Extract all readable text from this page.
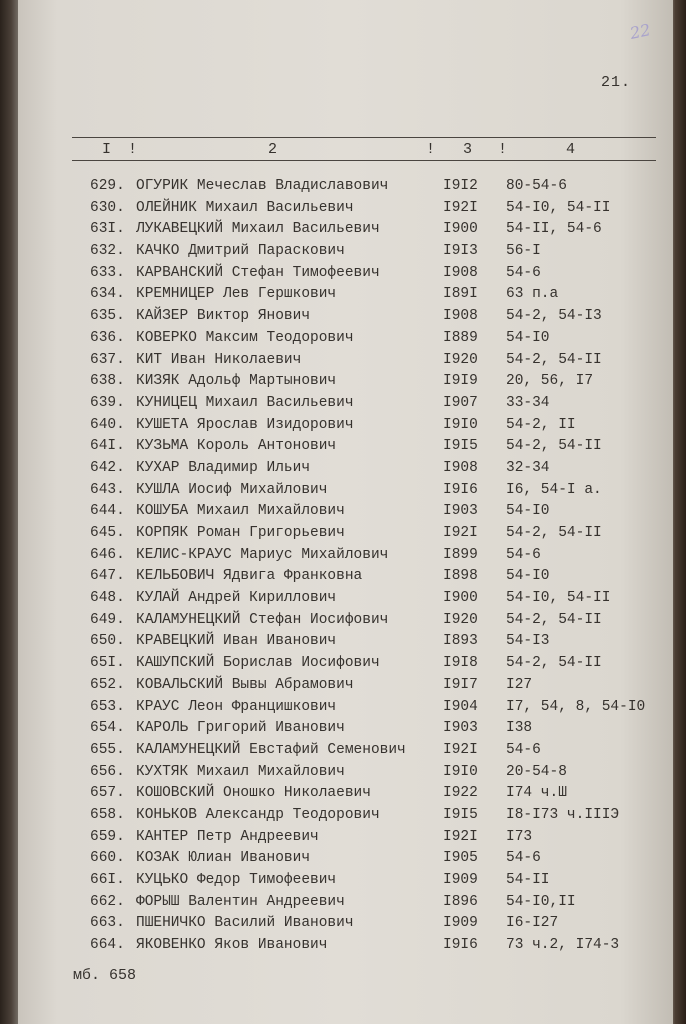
22
21.
I !	2	! 3 !	4
629. ОГУРИК Мечеслав Владиславович	I9I2 80-54-6
630. ОЛЕЙНИК Михаил Васильевич	I92I 54-I0, 54-II
63I. ЛУКАВЕЦКИЙ Михаил Васильевич	I900 54-II, 54-6
632. КАЧКО Дмитрий Параскович	I9I3 56-I
633. КАРВАНСКИЙ Стефан Тимофеевич	I908 54-6
634. КРЕМНИЦЕР Лев Гершкович	I89I 63 п.а
635. КАЙЗЕР Виктор Янович	I908 54-2, 54-I3
636. КОВЕРКО Максим Теодорович	I889 54-I0
637. КИТ Иван Николаевич	I920 54-2, 54-II
638. КИЗЯК Адольф Мартынович	I9I9 20, 56, I7
639. КУНИЦЕЦ Михаил Васильевич	I907 33-34
640. КУШЕТА Ярослав Изидорович	I9I0 54-2, II
64I. КУЗЬМА Король Антонович	I9I5 54-2, 54-II
642. КУХАР Владимир Ильич	I908 32-34
643. КУШЛА Иосиф Михайлович	I9I6 I6, 54-I а.
644. КОШУБА Михаил Михайлович	I903 54-I0
645. КОРПЯК Роман Григорьевич	I92I 54-2, 54-II
646. КЕЛИС-КРАУС Мариус Михайлович	I899 54-6
647. КЕЛЬБОВИЧ Ядвига Франковна	I898 54-I0
648. КУЛАЙ Андрей Кириллович	I900 54-I0, 54-II
649. КАЛАМУНЕЦКИЙ Стефан Иосифович	I920 54-2, 54-II
650. КРАВЕЦКИЙ Иван Иванович	I893 54-I3
65I. КАШУПСКИЙ Борислав Иосифович	I9I8 54-2, 54-II
652. КОВАЛЬСКИЙ Вывы Абрамович	I9I7 I27
653. КРАУС Леон Францишкович	I904 I7, 54, 8, 54-I0
654. КАРОЛЬ Григорий Иванович	I903 I38
655. КАЛАМУНЕЦКИЙ Евстафий Семенович	I92I 54-6
656. КУХТЯК Михаил Михайлович	I9I0 20-54-8
657. КОШОВСКИЙ Оношко Николаевич	I922 I74 ч.Ш
658. КОНЬКОВ Александр Теодорович	I9I5 I8-I73 ч.IIIЭ
659. КАНТЕР Петр Андреевич	I92I I73
660. КОЗАК Юлиан Иванович	I905 54-6
66I. КУЦЬКО Федор Тимофеевич	I909 54-II
662. ФОРЫШ Валентин Андреевич	I896 54-I0,II
663. ПШЕНИЧКО Василий Иванович	I909 I6-I27
664. ЯКОВЕНКО Яков Иванович	I9I6 73 ч.2, I74-3
мб. 658
